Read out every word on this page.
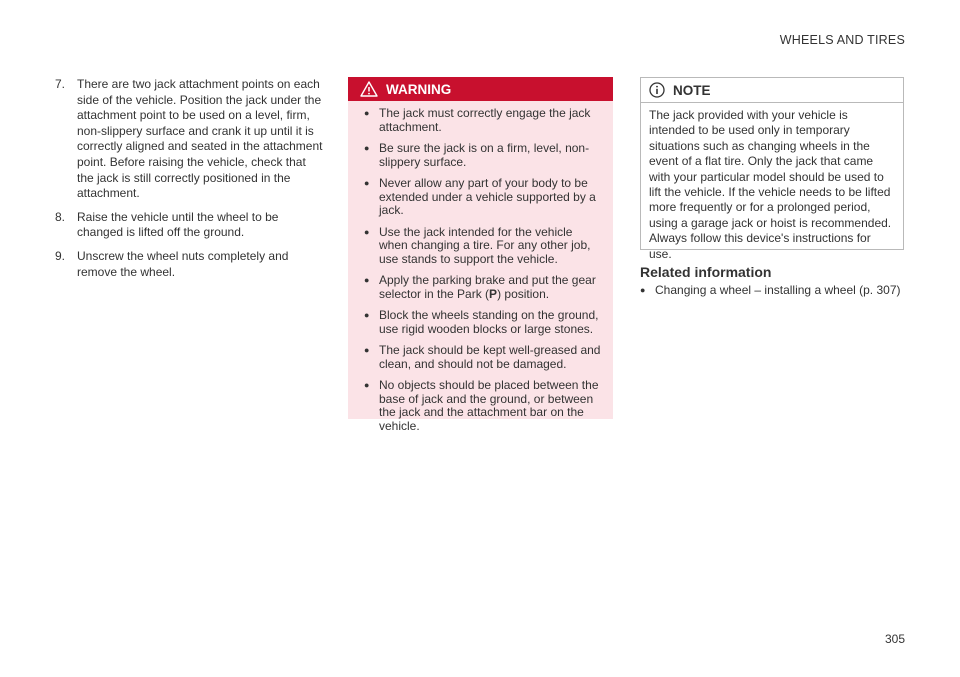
WHEELS AND TIRES
7. There are two jack attachment points on each side of the vehicle. Position the jack under the attachment point to be used on a level, firm, non-slippery surface and crank it up until it is correctly aligned and seated in the attachment point. Before raising the vehicle, check that the jack is still correctly positioned in the attachment.
8. Raise the vehicle until the wheel to be changed is lifted off the ground.
9. Unscrew the wheel nuts completely and remove the wheel.
WARNING
● The jack must correctly engage the jack attachment.
● Be sure the jack is on a firm, level, non-slippery surface.
● Never allow any part of your body to be extended under a vehicle supported by a jack.
● Use the jack intended for the vehicle when changing a tire. For any other job, use stands to support the vehicle.
● Apply the parking brake and put the gear selector in the Park (P) position.
● Block the wheels standing on the ground, use rigid wooden blocks or large stones.
● The jack should be kept well-greased and clean, and should not be damaged.
● No objects should be placed between the base of jack and the ground, or between the jack and the attachment bar on the vehicle.
NOTE
The jack provided with your vehicle is intended to be used only in temporary situations such as changing wheels in the event of a flat tire. Only the jack that came with your particular model should be used to lift the vehicle. If the vehicle needs to be lifted more frequently or for a prolonged period, using a garage jack or hoist is recommended. Always follow this device's instructions for use.
Related information
● Changing a wheel – installing a wheel (p. 307)
305
